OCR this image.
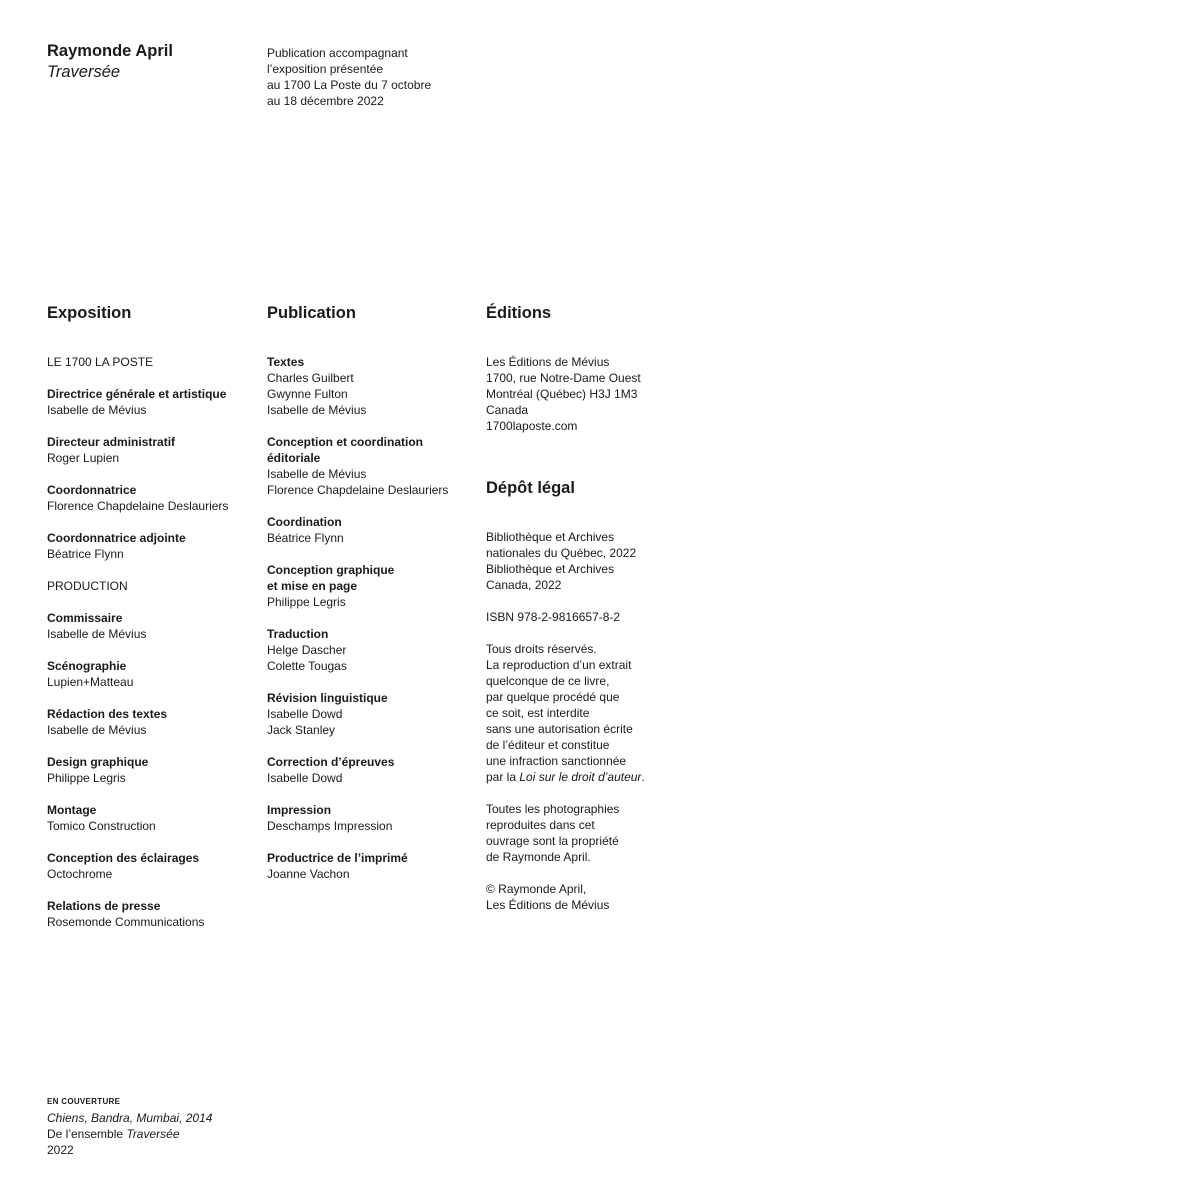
Raymonde April
Traversée
Publication accompagnant
l’exposition présentée
au 1700 La Poste du 7 octobre
au 18 décembre 2022
Exposition	Publication	Éditions
LE 1700 LA POSTE
Directrice générale et artistique
Isabelle de Mévius
Directeur administratif
Roger Lupien
Coordonnatrice
Florence Chapdelaine Deslauriers
Coordonnatrice adjointe
Béatrice Flynn
PRODUCTION
Commissaire
Isabelle de Mévius
Scénographie
Lupien+Matteau
Rédaction des textes
Isabelle de Mévius
Design graphique
Philippe Legris
Montage
Tomico Construction
Conception des éclairages
Octochrome
Relations de presse
Rosemonde Communications
Textes
Charles Guilbert
Gwynne Fulton
Isabelle de Mévius
Conception et coordination
éditoriale
Isabelle de Mévius
Florence Chapdelaine Deslauriers
Coordination
Béatrice Flynn
Conception graphique
et mise en page
Philippe Legris
Traduction
Helge Dascher
Colette Tougas
Révision linguistique
Isabelle Dowd
Jack Stanley
Correction d’épreuves
Isabelle Dowd
Impression
Deschamps Impression
Productrice de l’imprimé
Joanne Vachon
Les Éditions de Mévius
1700, rue Notre-Dame Ouest
Montréal (Québec) H3J 1M3
Canada
1700laposte.com
Dépôt légal
Bibliothèque et Archives
nationales du Québec, 2022
Bibliothèque et Archives
Canada, 2022
ISBN 978-2-9816657-8-2
Tous droits réservés.
La reproduction d’un extrait
quelconque de ce livre,
par quelque procédé que
ce soit, est interdite
sans une autorisation écrite
de l’éditeur et constitue
une infraction sanctionnée
par la Loi sur le droit d’auteur.
Toutes les photographies
reproduites dans cet
ouvrage sont la propriété
de Raymonde April.
© Raymonde April,
Les Éditions de Mévius
EN COUVERTURE
Chiens, Bandra, Mumbai, 2014
De l’ensemble Traversée
2022
